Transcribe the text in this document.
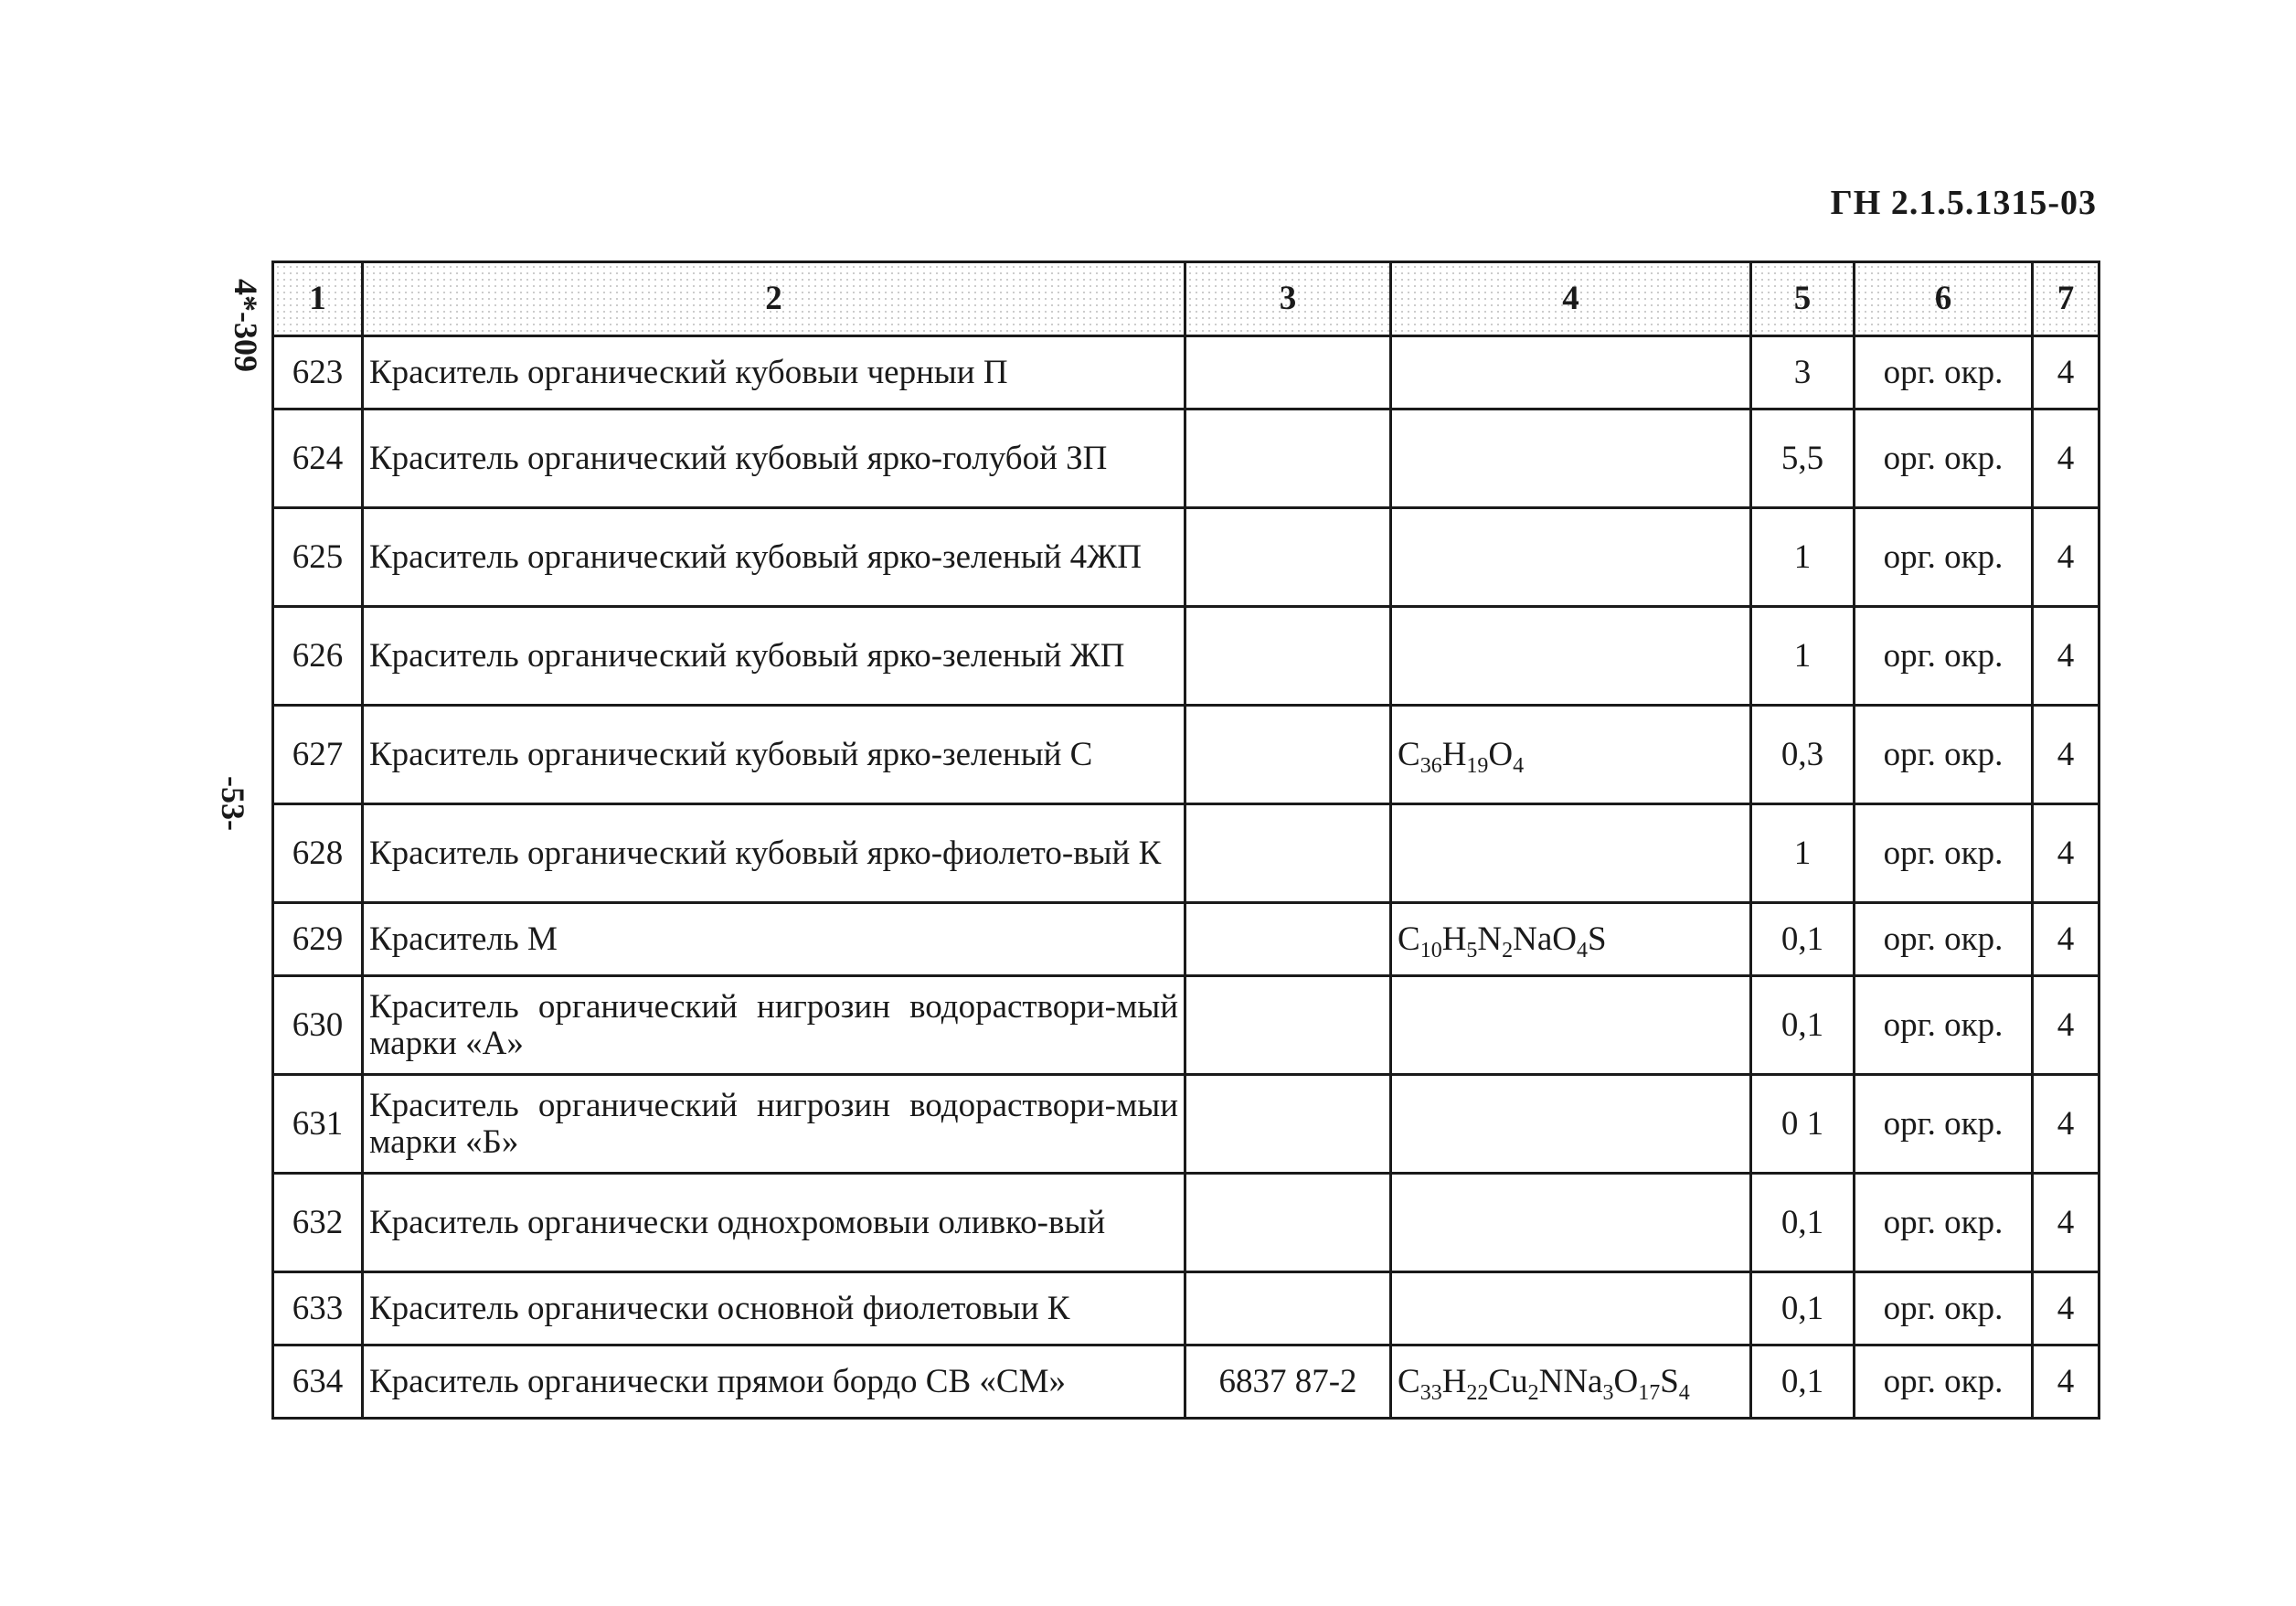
ГН 2.1.5.1315-03
4*-309
-53-
1	2	3	4	5	6	7
623	Краситель органический кубовыи черныи П			3	орг. окр.	4
624	Краситель органический кубовый ярко-голубой ЗП			5,5	орг. окр.	4
625	Краситель органический кубовый ярко-зеленый 4ЖП			1	орг. окр.	4
626	Краситель органический кубовый ярко-зеленый ЖП			1	орг. окр.	4
627	Краситель органический кубовый ярко-зеленый С		$C_{36}H_{19}O_4$	0,3	орг. окр.	4
628	Краситель органический кубовый ярко-фиолето-вый К			1	орг. окр.	4
629	Краситель М		$C_{10}H_5N_2NaO_4S$	0,1	орг. окр.	4
630	Краситель органический нигрозин водораствори-мый марки «А»			0,1	орг. окр.	4
631	Краситель органический нигрозин водораствори-мыи марки «Б»			0 1	орг. окр.	4
632	Краситель органически однохромовыи оливко-вый			0,1	орг. окр.	4
633	Краситель органически основной фиолетовыи К			0,1	орг. окр.	4
634	Краситель органически прямои бордо СВ «СМ»	6837 87-2	$C_{33}H_{22}Cu_2NNa_3O_{17}S_4$	0,1	орг. окр.	4
